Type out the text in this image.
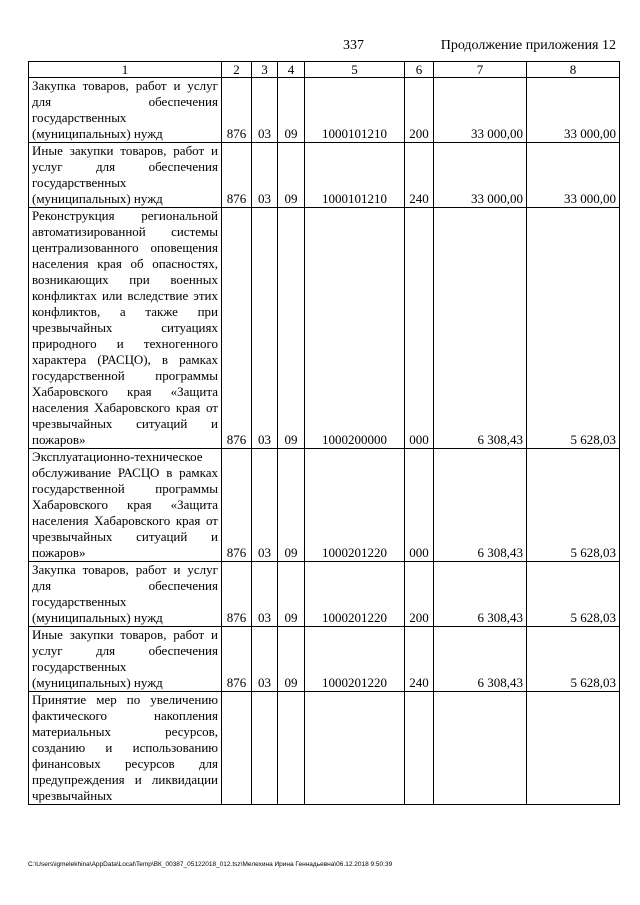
337	Продолжение приложения 12
1	2	3	4	5	6	7	8
Закупка товаров, работ и услуг для обеспечения государственных (муниципальных) нужд	876	03	09	1000101210	200	33 000,00	33 000,00
Иные закупки товаров, работ и услуг для обеспечения государственных (муниципальных) нужд	876	03	09	1000101210	240	33 000,00	33 000,00
Реконструкция региональной автоматизированной системы централизованного оповещения населения края об опасностях, возникающих при военных конфликтах или вследствие этих конфликтов, а также при чрезвычайных ситуациях природного и техногенного характера (РАСЦО), в рамках государственной программы Хабаровского края «Защита населения Хабаровского края от чрезвычайных ситуаций и пожаров»	876	03	09	1000200000	000	6 308,43	5 628,03
Эксплуатационно-техническое обслуживание РАСЦО в рамках государственной программы Хабаровского края «Защита населения Хабаровского края от чрезвычайных ситуаций и пожаров»	876	03	09	1000201220	000	6 308,43	5 628,03
Закупка товаров, работ и услуг для обеспечения государственных (муниципальных) нужд	876	03	09	1000201220	200	6 308,43	5 628,03
Иные закупки товаров, работ и услуг для обеспечения государственных (муниципальных) нужд	876	03	09	1000201220	240	6 308,43	5 628,03
Принятие мер по увеличению фактического накопления материальных ресурсов, созданию и использованию финансовых ресурсов для предупреждения и ликвидации чрезвычайных							
C:\Users\igmelekhina\AppData\Local\Temp\ВК_00387_05122018_012.tsz\Мелехина Ирина Геннадьевна\06.12.2018 9:50:39
